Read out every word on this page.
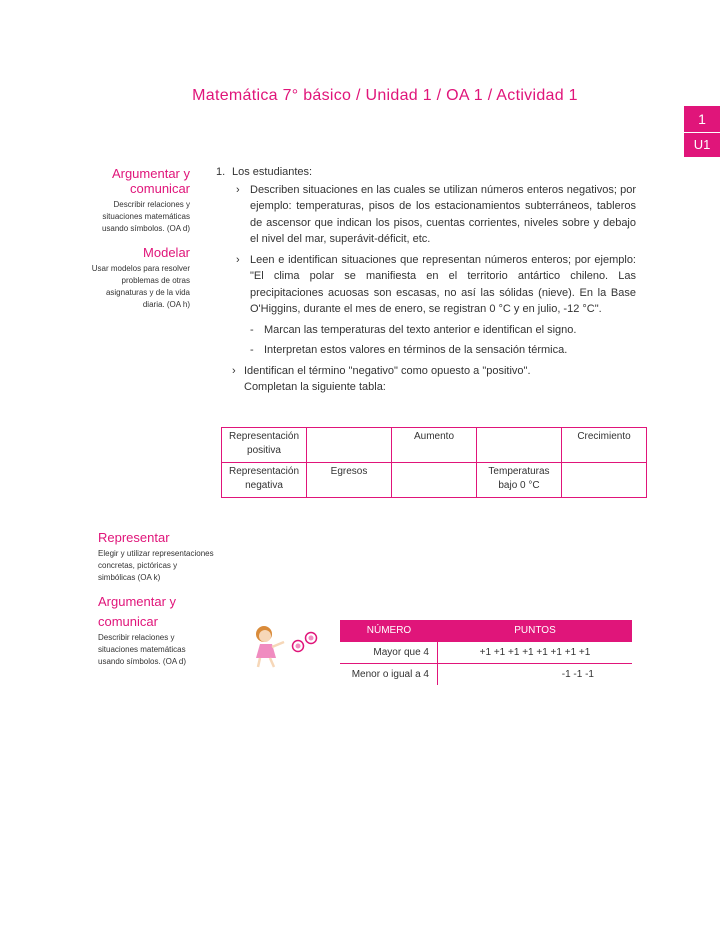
Matemática 7° básico / Unidad 1 / OA 1 / Actividad 1
1
U1
Argumentar y comunicar
Describir relaciones y situaciones matemáticas usando símbolos. (OA d)
Modelar
Usar modelos para resolver problemas de otras asignaturas y de la vida diaria. (OA h)
Representar
Elegir y utilizar representaciones concretas, pictóricas y simbólicas (OA k)
Argumentar y comunicar
Describir relaciones y situaciones matemáticas usando símbolos. (OA d)
1. Los estudiantes:
› Describen situaciones en las cuales se utilizan números enteros negativos; por ejemplo: temperaturas, pisos de los estacionamientos subterráneos, tableros de ascensor que indican los pisos, cuentas corrientes, niveles sobre y debajo el nivel del mar, superávit-déficit, etc.
› Leen e identifican situaciones que representan números enteros; por ejemplo: "El clima polar se manifiesta en el territorio antártico chileno. Las precipitaciones acuosas son escasas, no así las sólidas (nieve). En la Base O'Higgins, durante el mes de enero, se registran 0 °C y en julio, -12 °C".
- Marcan las temperaturas del texto anterior e identifican el signo.
- Interpretan estos valores en términos de la sensación térmica.
› Identifican el término "negativo" como opuesto a "positivo".
Completan la siguiente tabla:
Representación positiva		Aumento		Crecimiento
Representación negativa	Egresos		Temperaturas bajo 0 °C	
NÚMERO	PUNTOS
Mayor que 4	+1 +1 +1 +1 +1 +1 +1 +1
Menor o igual a 4	-1 -1 -1
